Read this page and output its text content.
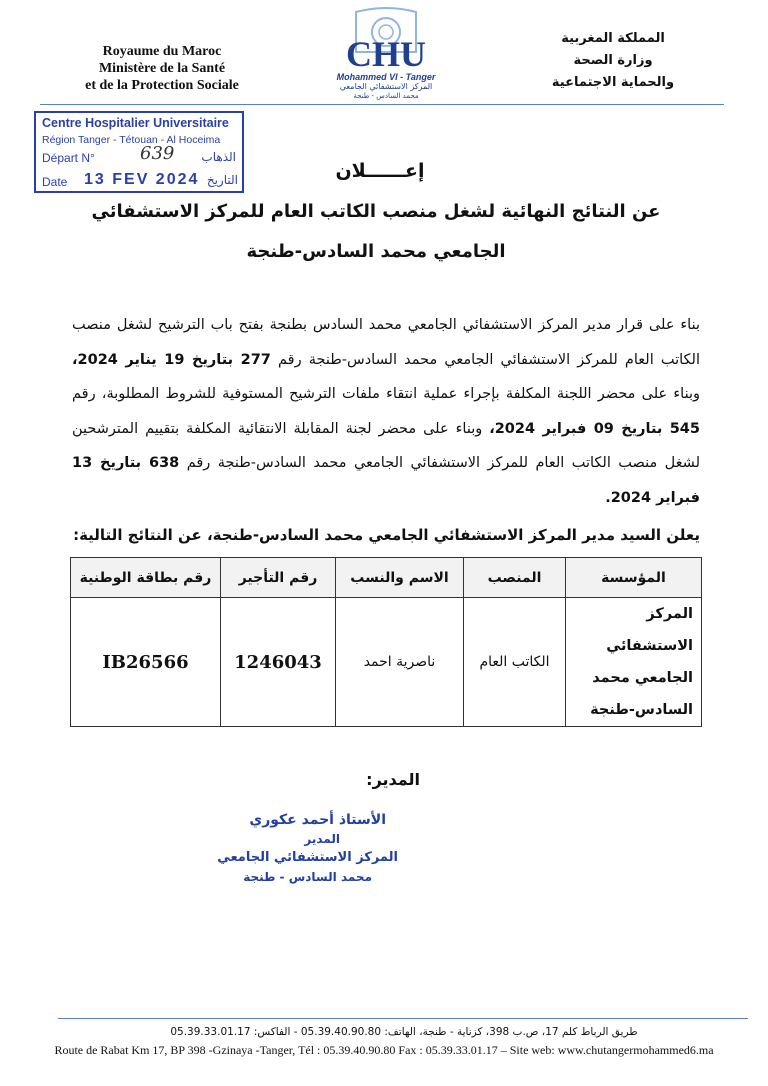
Royaume du Maroc
Ministère de la Santé
et de la Protection Sociale
CHU
Mohammed VI - Tanger
المركز الاستشفائي الجامعي
محمد السادس - طنجة
المملكة المغربية
وزارة الصحة
والحماية الاجتماعية
Centre Hospitalier Universitaire
Région Tanger - Tétouan - Al Hoceima
Départ N°	الذهاب
639
Date 13 FEV 2024 التاريخ	إعــــــلان
عن النتائج النهائية لشغل منصب الكاتب العام للمركز الاستشفائي الجامعي محمد السادس-طنجة
بناء على قرار مدير المركز الاستشفائي الجامعي محمد السادس بطنجة بفتح باب الترشيح لشغل منصب الكاتب العام للمركز الاستشفائي الجامعي محمد السادس-طنجة رقم 277 بتاريخ 19 يناير 2024، وبناء على محضر اللجنة المكلفة بإجراء عملية انتقاء ملفات الترشيح المستوفية للشروط المطلوبة، رقم 545 بتاريخ 09 فبراير 2024، وبناء على محضر لجنة المقابلة الانتقائية المكلفة بتقييم المترشحين لشغل منصب الكاتب العام للمركز الاستشفائي الجامعي محمد السادس-طنجة رقم 638 بتاريخ 13 فبراير 2024.
يعلن السيد مدير المركز الاستشفائي الجامعي محمد السادس-طنجة، عن النتائج التالية:
المؤسسة	المنصب	الاسم والنسب	رقم التأجير	رقم بطاقة الوطنية

المركز الاستشفائي
الجامعي محمد
السادس-طنجة	الكاتب العام	ناصرية احمد	1246043	IB26566
المدير:
الأستاذ أحمد عكوري
المدير
المركز الاستشفائي الجامعي
محمد السادس - طنجة
طريق الرباط كلم 17، ص.ب 398، كزناية - طنجة، الهاتف: 05.39.40.90.80 - الفاكس: 05.39.33.01.17
Route de Rabat Km 17, BP 398 -Gzinaya -Tanger, Tél : 05.39.40.90.80 Fax : 05.39.33.01.17 – Site web: www.chutangermohammed6.ma
